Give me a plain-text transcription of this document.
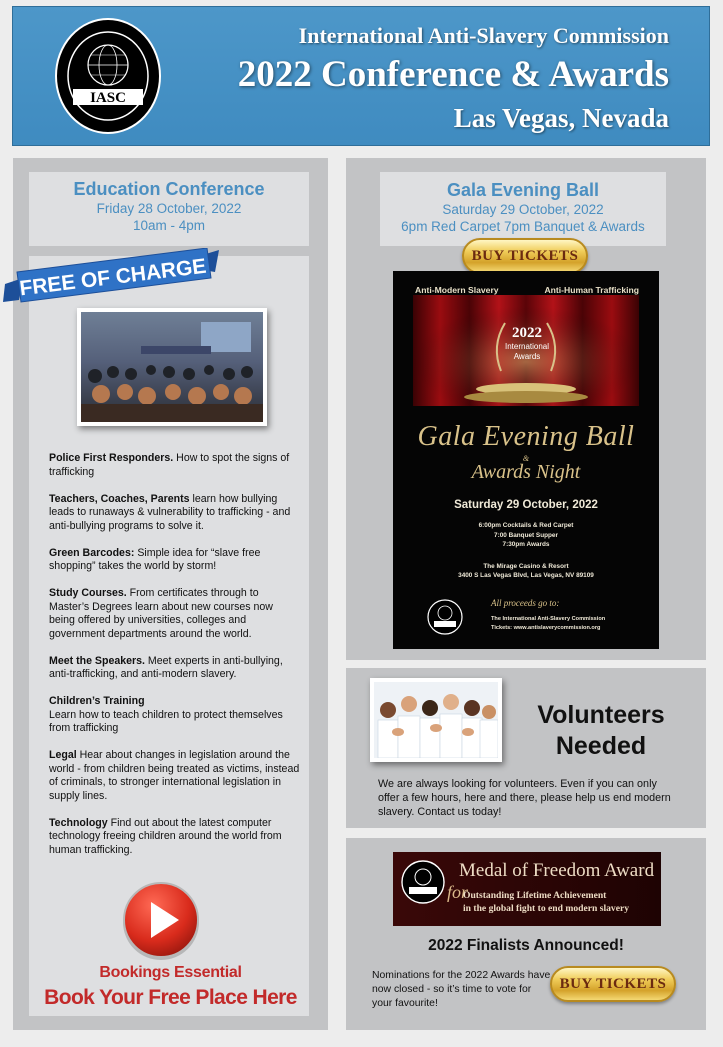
IASC
International Anti-Slavery Commission
2022 Conference & Awards
Las Vegas, Nevada
Education Conference
Friday 28 October, 2022
10am - 4pm
FREE OF CHARGE

Police First Responders. How to spot the signs of trafficking

Teachers, Coaches, Parents learn how bullying leads to runaways & vulnerability to trafficking - and anti-bullying programs to solve it.

Green Barcodes: Simple idea for “slave free shopping” takes the world by storm!

Study Courses. From certificates through to Master’s Degrees learn about new courses now being offered by universities, colleges and government departments around the world.

Meet the Speakers. Meet experts in anti-bullying, anti-trafficking, and anti-modern slavery.

Children’s Training
Learn how to teach children to protect themselves from trafficking

Legal Hear about changes in legislation around the world - from children being treated as victims, instead of criminals, to stronger international legislation in supply lines.

Technology Find out about the latest computer technology freeing children around the world from human trafficking.

Bookings Essential
Book Your Free Place Here
Gala Evening Ball
Saturday 29 October, 2022
6pm Red Carpet 7pm Banquet & Awards
BUY TICKETS
Anti-Modern Slavery	Anti-Human Trafficking
2022
International
Awards
Gala Evening Ball
&
Awards Night
Saturday 29 October, 2022
6:00pm Cocktails & Red Carpet
7:00 Banquet Supper
7:30pm Awards
The Mirage Casino & Resort
3400 S Las Vegas Blvd, Las Vegas, NV 89109
All proceeds go to:
The International Anti-Slavery Commission
Tickets: www.antislaverycommission.org
Volunteers
Needed
We are always looking for volunteers. Even if you can only offer a few hours, here and there, please help us end modern slavery. Contact us today!
Medal of Freedom Award
for
Outstanding Lifetime Achievement
in the global fight to end modern slavery
2022 Finalists Announced!
Nominations for the 2022 Awards have now closed - so it’s time to vote for your favourite!
BUY TICKETS
